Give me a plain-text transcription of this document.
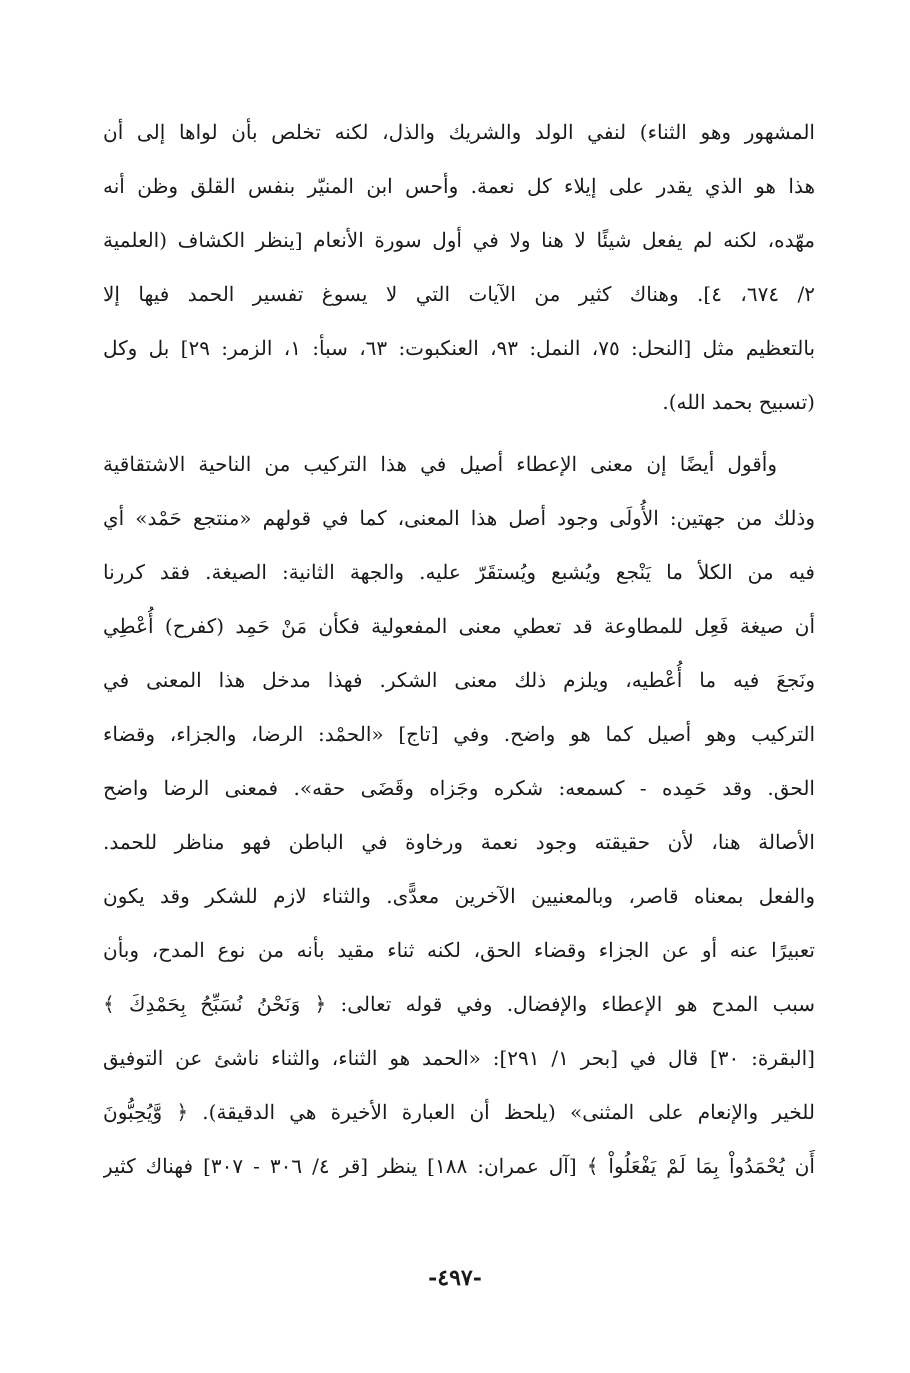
المشهور وهو الثناء) لنفي الولد والشريك والذل، لكنه تخلص بأن لواها إلى أن
هذا هو الذي يقدر على إيلاء كل نعمة. وأحس ابن المنيّر بنفس القلق وظن أنه
مهّده، لكنه لم يفعل شيئًا لا هنا ولا في أول سورة الأنعام [ينظر الكشاف (العلمية
٢/ ٦٧٤، ٤]. وهناك كثير من الآيات التي لا يسوغ تفسير الحمد فيها إلا
بالتعظيم مثل [النحل: ٧٥، النمل: ٩٣، العنكبوت: ٦٣، سبأ: ١، الزمر: ٢٩] بل وكل
(تسبيح بحمد الله).
وأقول أيضًا إن معنى الإعطاء أصيل في هذا التركيب من الناحية الاشتقاقية
وذلك من جهتين: الأُولَى وجود أصل هذا المعنى، كما في قولهم «منتجع حَمْد» أي
فيه من الكلأ ما يَنْجع ويُشبع ويُستقَرّ عليه. والجهة الثانية: الصيغة. فقد كررنا
أن صيغة فَعِل للمطاوعة قد تعطي معنى المفعولية فكأن مَنْ حَمِد (كفرح) أُعْطِي
ونَجعَ فيه ما أُعْطيه، ويلزم ذلك معنى الشكر. فهذا مدخل هذا المعنى في
التركيب وهو أصيل كما هو واضح. وفي [تاج] «الحمْد: الرضا، والجزاء، وقضاء
الحق. وقد حَمِده - كسمعه: شكره وجَزاه وقَضَى حقه». فمعنى الرضا واضح
الأصالة هنا، لأن حقيقته وجود نعمة ورخاوة في الباطن فهو مناظر للحمد.
والفعل بمعناه قاصر، وبالمعنيين الآخرين معدًّى. والثناء لازم للشكر وقد يكون
تعبيرًا عنه أو عن الجزاء وقضاء الحق، لكنه ثناء مقيد بأنه من نوع المدح، وبأن
سبب المدح هو الإعطاء والإفضال. وفي قوله تعالى: ﴿ وَنَحْنُ نُسَبِّحُ بِحَمْدِكَ ﴾
[البقرة: ٣٠] قال في [بحر ١/ ٢٩١]: «الحمد هو الثناء، والثناء ناشئ عن التوفيق
للخير والإنعام على المثنى» (يلحظ أن العبارة الأخيرة هي الدقيقة). ﴿ وَّيُحِبُّونَ
أَن يُحْمَدُواْ بِمَا لَمْ يَفْعَلُواْ ﴾ [آل عمران: ١٨٨] ينظر [قر ٤/ ٣٠٦ - ٣٠٧] فهناك كثير
-٤٩٧-
